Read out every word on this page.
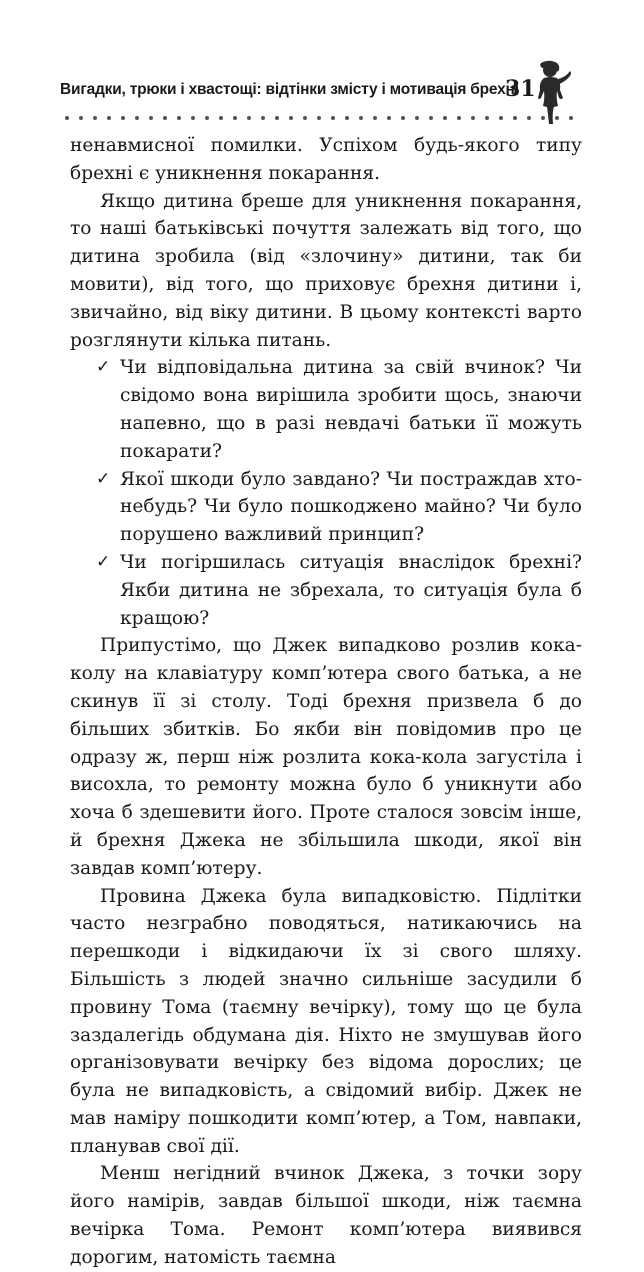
Вигадки, трюки і хвастощі: відтінки змісту і мотивація брехні
31

ненавмисної помилки. Успіхом будь-якого типу брехні є уникнення покарання.

Якщо дитина бреше для уникнення покарання, то наші батьківські почуття залежать від того, що дитина зробила (від «злочину» дитини, так би мовити), від того, що приховує брехня дитини і, звичайно, від віку дитини. В цьому контексті варто розглянути кілька питань.

✓ Чи відповідальна дитина за свій вчинок? Чи свідомо вона вирішила зробити щось, знаючи напевно, що в разі невдачі батьки її можуть покарати?
✓ Якої шкоди було завдано? Чи постраждав хто-небудь? Чи було пошкоджено майно? Чи було порушено важливий принцип?
✓ Чи погіршилась ситуація внаслідок брехні? Якби дитина не збрехала, то ситуація була б кращою?

Припустімо, що Джек випадково розлив кока-колу на клавіатуру комп’ютера свого батька, а не скинув її зі столу. Тоді брехня призвела б до більших збитків. Бо якби він повідомив про це одразу ж, перш ніж розлита кока-кола загустіла і висохла, то ремонту можна було б уникнути або хоча б здешевити його. Проте сталося зовсім інше, й брехня Джека не збільшила шкоди, якої він завдав комп’ютеру.

Провина Джека була випадковістю. Підлітки часто незграбно поводяться, натикаючись на перешкоди і відкидаючи їх зі свого шляху. Більшість з людей значно сильніше засудили б провину Тома (таємну вечірку), тому що це була заздалегідь обдумана дія. Ніхто не змушував його організовувати вечірку без відома дорослих; це була не випадковість, а свідомий вибір. Джек не мав наміру пошкодити комп’ютер, а Том, навпаки, планував свої дії.

Менш негідний вчинок Джека, з точки зору його намірів, завдав більшої шкоди, ніж таємна вечірка Тома. Ремонт комп’ютера виявився дорогим, натомість таємна
